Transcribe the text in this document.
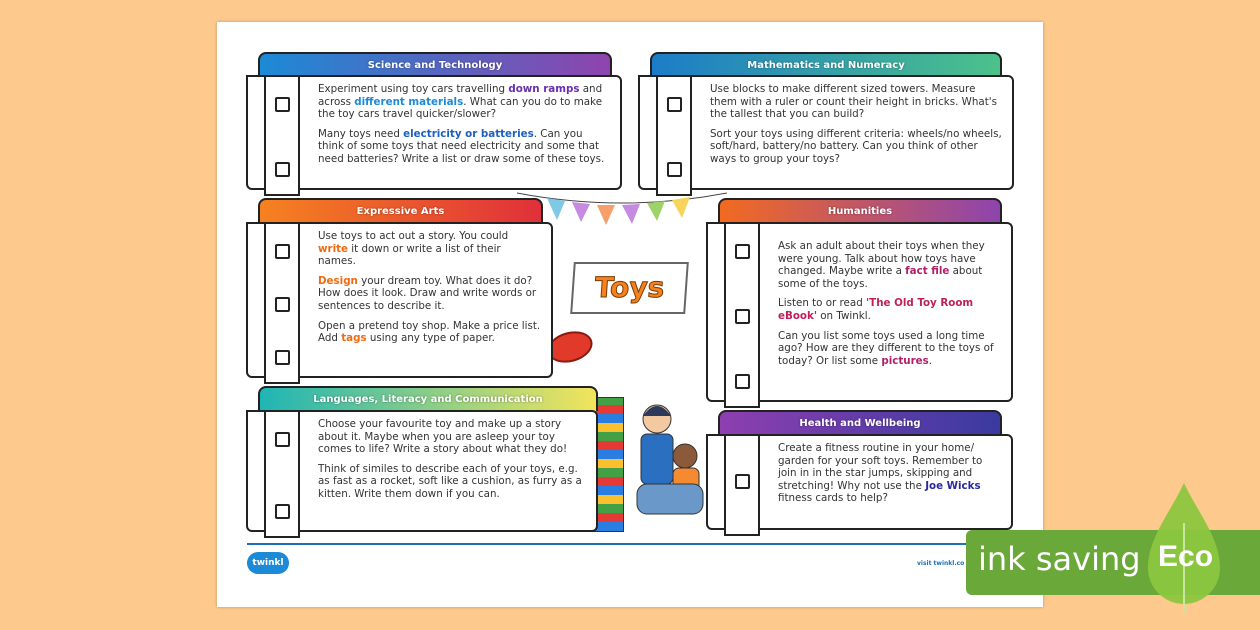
Toys
twinkl	visit twinkl.co
Science and Technology

Experiment using toy cars travelling down ramps and across different materials. What can you do to make the toy cars travel quicker/slower?

Many toys need electricity or batteries. Can you think of some toys that need electricity and some that need batteries? Write a list or draw some of these toys.

Mathematics and Numeracy

Use blocks to make different sized towers. Measure them with a ruler or count their height in bricks. What's the tallest that you can build?

Sort your toys using different criteria: wheels/no wheels, soft/hard, battery/no battery. Can you think of other ways to group your toys?

Expressive Arts

Use toys to act out a story. You could write it down or write a list of their names.

Design your dream toy. What does it do? How does it look. Draw and write words or sentences to describe it.

Open a pretend toy shop. Make a price list. Add tags using any type of paper.

Humanities

Ask an adult about their toys when they were young. Talk about how toys have changed. Maybe write a fact file about some of the toys.

Listen to or read 'The Old Toy Room eBook' on Twinkl.

Can you list some toys used a long time ago? How are they different to the toys of today? Or list some pictures.

Languages, Literacy and Communication

Choose your favourite toy and make up a story about it. Maybe when you are asleep your toy comes to life? Write a story about what they do!

Think of similes to describe each of your toys, e.g. as fast as a rocket, soft like a cushion, as furry as a kitten. Write them down if you can.

Health and Wellbeing

Create a fitness routine in your home/ garden for your soft toys. Remember to join in in the star jumps, skipping and stretching! Why not use the Joe Wicks fitness cards to help?

ink saving Eco
